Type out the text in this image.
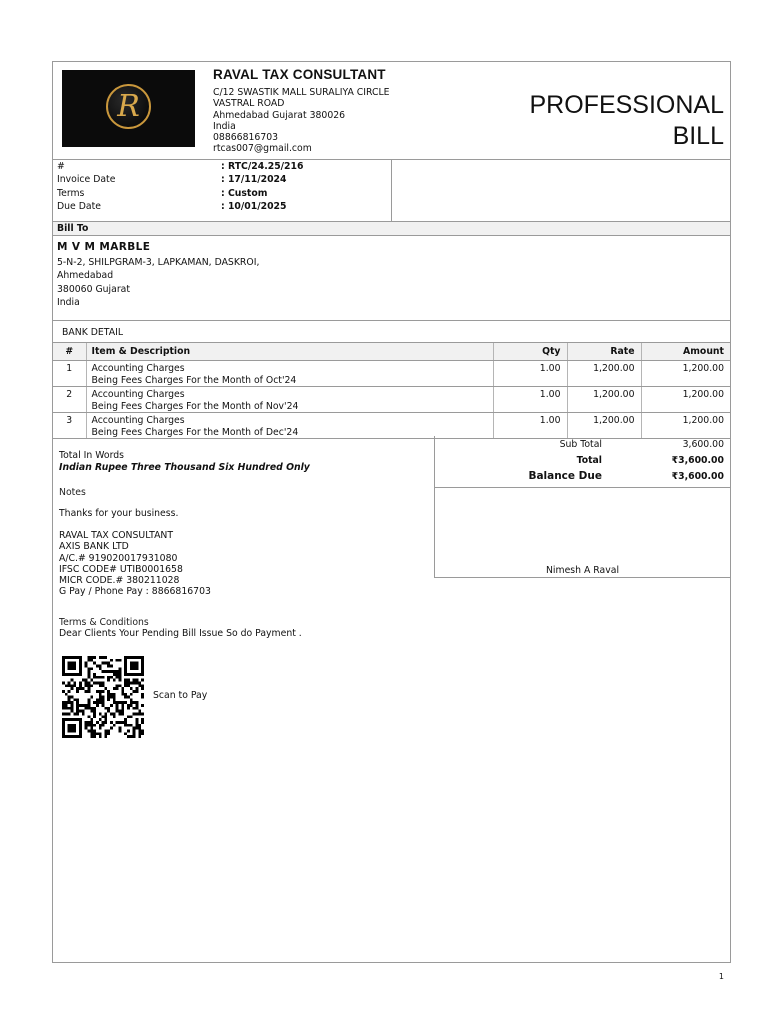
R
RAVAL TAX CONSULTANT
C/12 SWASTIK MALL SURALIYA CIRCLE
VASTRAL ROAD
Ahmedabad Gujarat 380026
India
08866816703
rtcas007@gmail.com
PROFESSIONAL
BILL
#	: RTC/24.25/216
Invoice Date	: 17/11/2024
Terms	: Custom
Due Date	: 10/01/2025
Bill To
M V M MARBLE
5-N-2, SHILPGRAM-3, LAPKAMAN, DASKROI,
Ahmedabad
380060 Gujarat
India
BANK DETAIL
#	Item & Description	Qty	Rate	Amount
1	Accounting Charges
Being Fees Charges For the Month of Oct'24	1.00	1,200.00	1,200.00
2	Accounting Charges
Being Fees Charges For the Month of Nov'24	1.00	1,200.00	1,200.00
3	Accounting Charges
Being Fees Charges For the Month of Dec'24	1.00	1,200.00	1,200.00
Sub Total	3,600.00
Total	₹3,600.00
Balance Due	₹3,600.00
Nimesh A Raval
Total In Words
Indian Rupee Three Thousand Six Hundred Only
Notes
Thanks for your business.
RAVAL TAX CONSULTANT
AXIS BANK LTD
A/C.# 919020017931080
IFSC CODE# UTIB0001658
MICR CODE.# 380211028
G Pay / Phone Pay : 8866816703
Terms & Conditions
Dear Clients Your Pending Bill Issue So do Payment .
Scan to Pay
1
